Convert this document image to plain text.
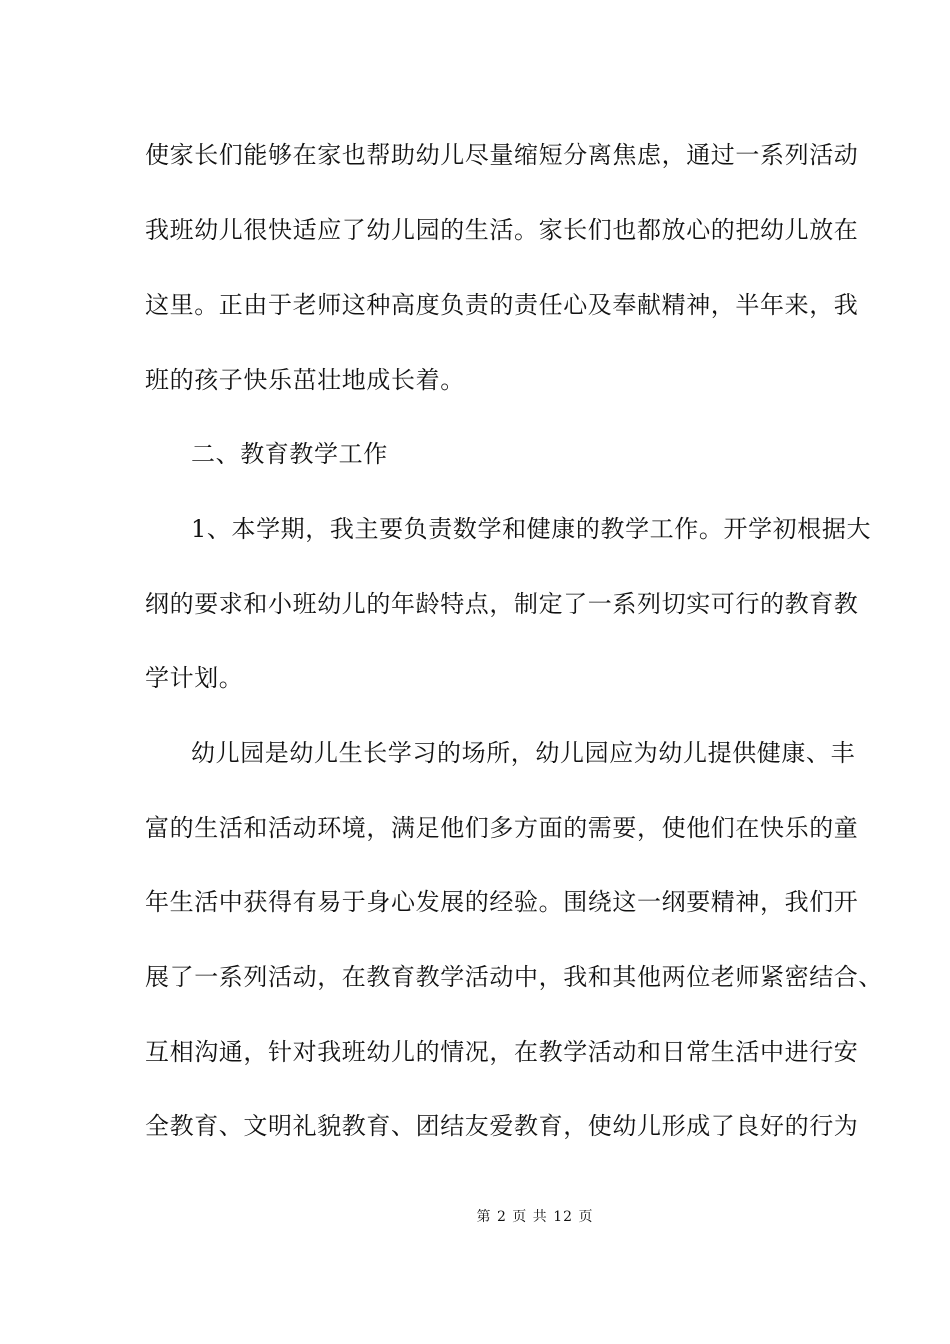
使家长们能够在家也帮助幼儿尽量缩短分离焦虑，通过一系列活动
我班幼儿很快适应了幼儿园的生活。家长们也都放心的把幼儿放在
这里。正由于老师这种高度负责的责任心及奉献精神，半年来，我
班的孩子快乐茁壮地成长着。
二、教育教学工作
1、本学期，我主要负责数学和健康的教学工作。开学初根据大
纲的要求和小班幼儿的年龄特点，制定了一系列切实可行的教育教
学计划。
幼儿园是幼儿生长学习的场所，幼儿园应为幼儿提供健康、丰
富的生活和活动环境，满足他们多方面的需要，使他们在快乐的童
年生活中获得有易于身心发展的经验。围绕这一纲要精神，我们开
展了一系列活动，在教育教学活动中，我和其他两位老师紧密结合、
互相沟通，针对我班幼儿的情况，在教学活动和日常生活中进行安
全教育、文明礼貌教育、团结友爱教育，使幼儿形成了良好的行为
第 2 页 共 12 页
